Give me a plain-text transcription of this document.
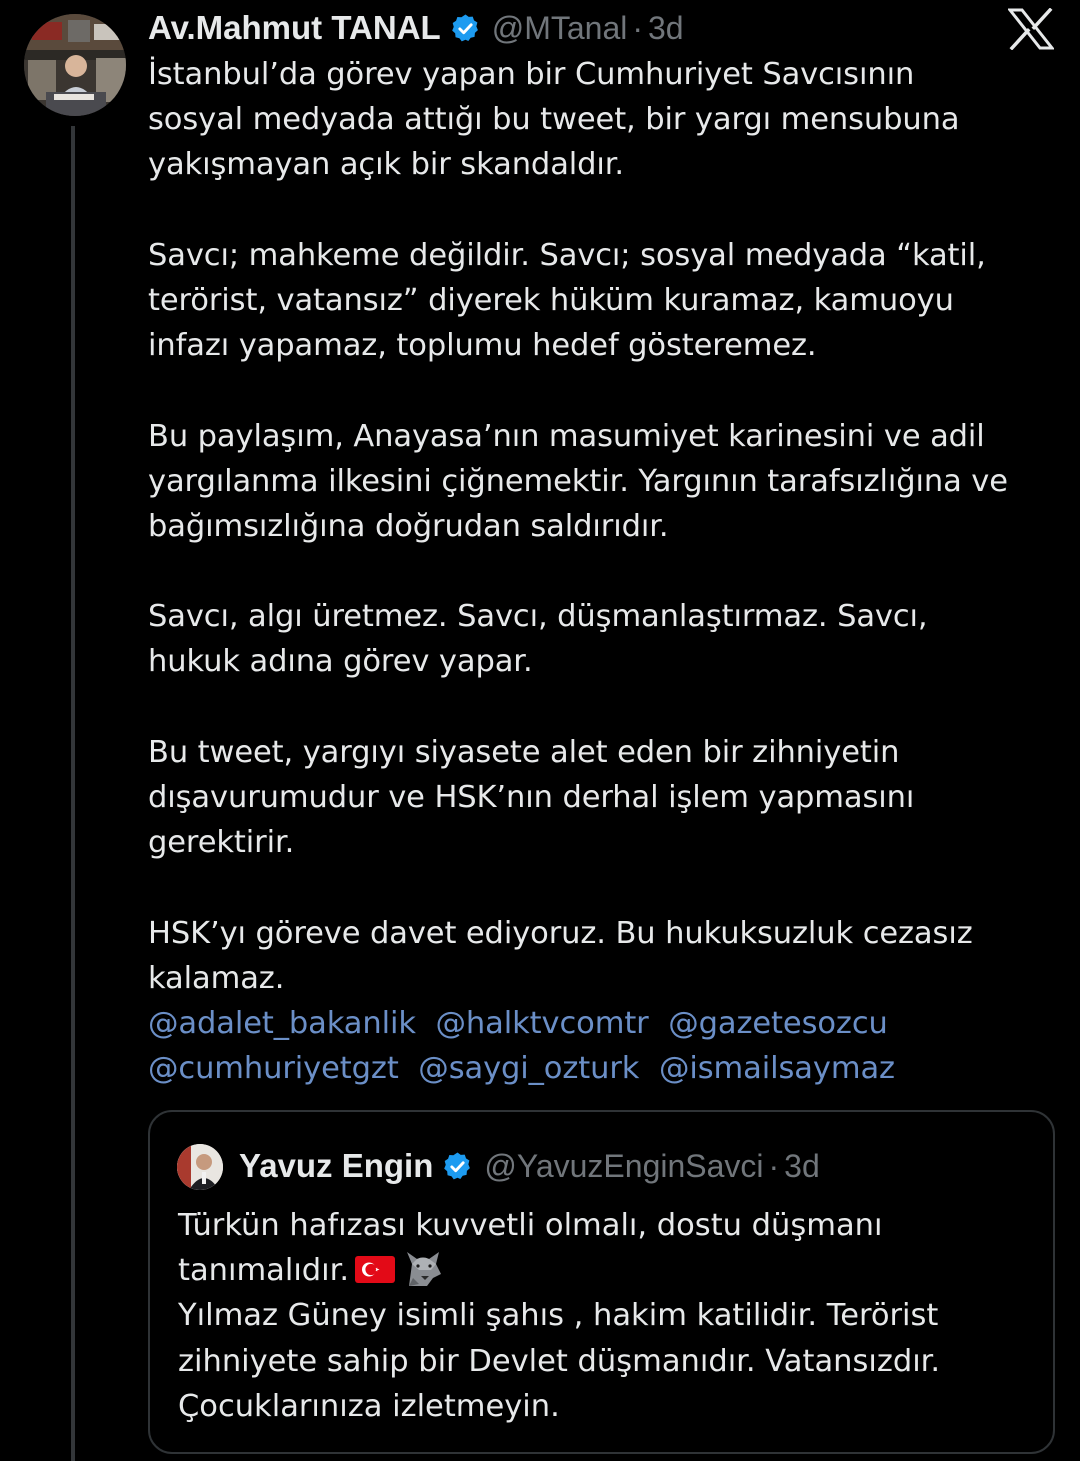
Av.Mahmut TANAL @MTanal · 3d
İstanbul’da görev yapan bir Cumhuriyet Savcısının
sosyal medyada attığı bu tweet, bir yargı mensubuna
yakışmayan açık bir skandaldır.
Savcı; mahkeme değildir. Savcı; sosyal medyada “katil,
terörist, vatansız” diyerek hüküm kuramaz, kamuoyu
infazı yapamaz, toplumu hedef gösteremez.
Bu paylaşım, Anayasa’nın masumiyet karinesini ve adil
yargılanma ilkesini çiğnemektir. Yargının tarafsızlığına ve
bağımsızlığına doğrudan saldırıdır.
Savcı, algı üretmez. Savcı, düşmanlaştırmaz. Savcı,
hukuk adına görev yapar.
Bu tweet, yargıyı siyasete alet eden bir zihniyetin
dışavurumudur ve HSK’nın derhal işlem yapmasını
gerektirir.
HSK’yı göreve davet ediyoruz. Bu hukuksuzluk cezasız
kalamaz.
@adalet_bakanlik @halktvcomtr @gazetesozcu
@cumhuriyetgzt @saygi_ozturk @ismailsaymaz
Yavuz Engin @YavuzEnginSavci · 3d
Türkün hafızası kuvvetli olmalı, dostu düşmanı
tanımalıdır.
Yılmaz Güney isimli şahıs , hakim katilidir. Terörist
zihniyete sahip bir Devlet düşmanıdır. Vatansızdır.
Çocuklarınıza izletmeyin.
